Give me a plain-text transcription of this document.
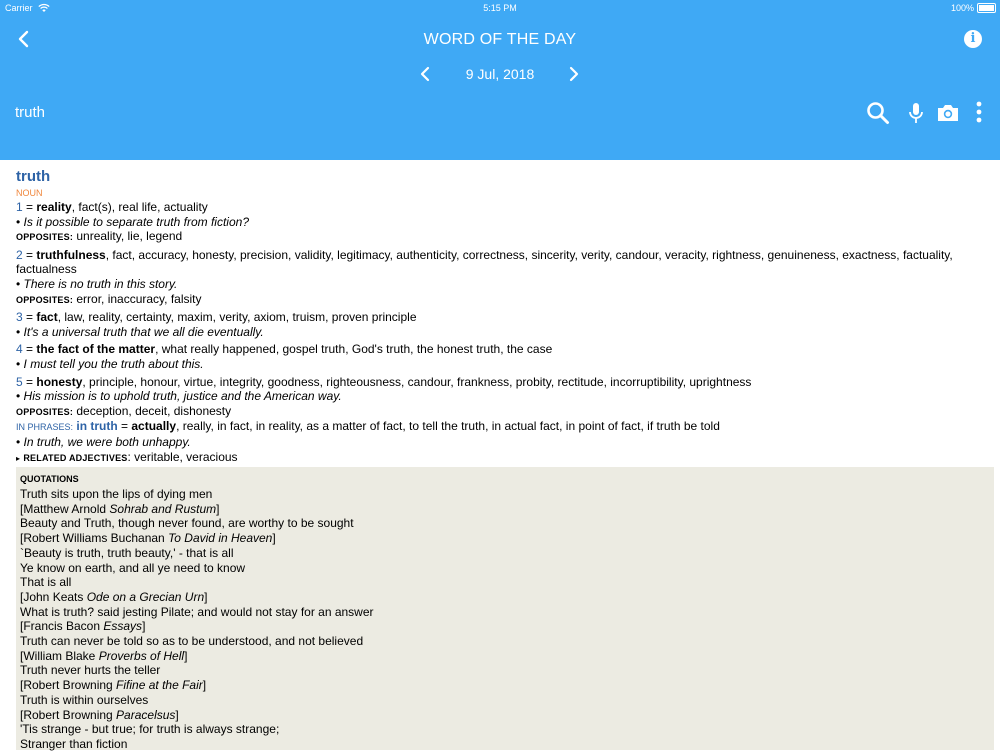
Carrier	5:15 PM	100%
WORD OF THE DAY	i
9 Jul, 2018
truth
truth
NOUN
1 = reality, fact(s), real life, actuality
• Is it possible to separate truth from fiction?
OPPOSITES: unreality, lie, legend
2 = truthfulness, fact, accuracy, honesty, precision, validity, legitimacy, authenticity, correctness, sincerity, verity, candour, veracity, rightness, genuineness, exactness, factuality, factualness
• There is no truth in this story.
OPPOSITES: error, inaccuracy, falsity
3 = fact, law, reality, certainty, maxim, verity, axiom, truism, proven principle
• It's a universal truth that we all die eventually.
4 = the fact of the matter, what really happened, gospel truth, God's truth, the honest truth, the case
• I must tell you the truth about this.
5 = honesty, principle, honour, virtue, integrity, goodness, righteousness, candour, frankness, probity, rectitude, incorruptibility, uprightness
• His mission is to uphold truth, justice and the American way.
OPPOSITES: deception, deceit, dishonesty
IN PHRASES: in truth = actually, really, in fact, in reality, as a matter of fact, to tell the truth, in actual fact, in point of fact, if truth be told
• In truth, we were both unhappy.
▸ RELATED ADJECTIVES: veritable, veracious
QUOTATIONS
Truth sits upon the lips of dying men
[Matthew Arnold Sohrab and Rustum]
Beauty and Truth, though never found, are worthy to be sought
[Robert Williams Buchanan To David in Heaven]
`Beauty is truth, truth beauty,' - that is all
Ye know on earth, and all ye need to know
That is all
[John Keats Ode on a Grecian Urn]
What is truth? said jesting Pilate; and would not stay for an answer
[Francis Bacon Essays]
Truth can never be told so as to be understood, and not believed
[William Blake Proverbs of Hell]
Truth never hurts the teller
[Robert Browning Fifine at the Fair]
Truth is within ourselves
[Robert Browning Paracelsus]
'Tis strange - but true; for truth is always strange;
Stranger than fiction
